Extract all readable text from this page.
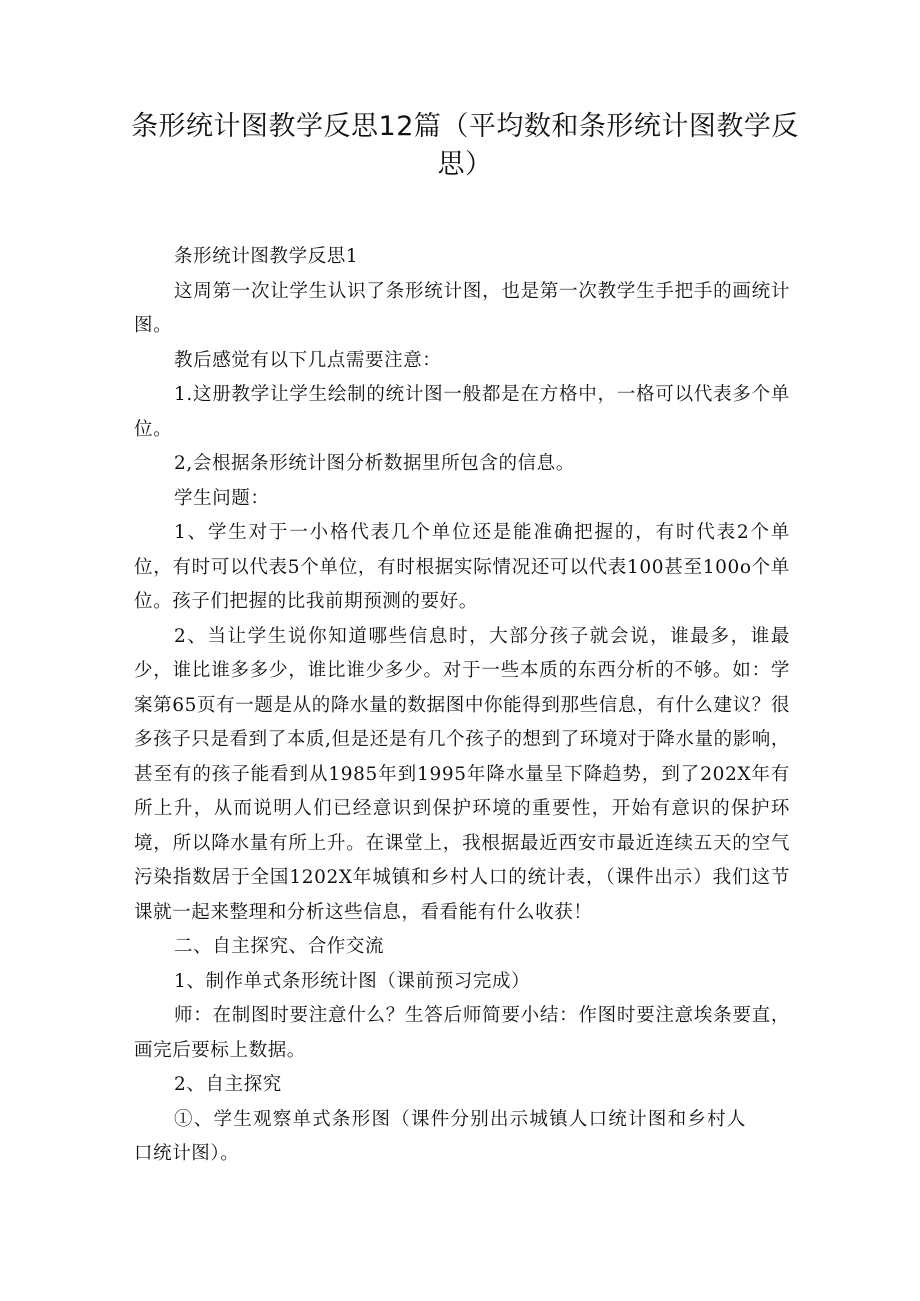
条形统计图教学反思12篇（平均数和条形统计图教学反思）

条形统计图教学反思1

这周第一次让学生认识了条形统计图，也是第一次教学生手把手的画统计图。

教后感觉有以下几点需要注意：

1.这册教学让学生绘制的统计图一般都是在方格中，一格可以代表多个单位。

2,会根据条形统计图分析数据里所包含的信息。

学生问题：

1、学生对于一小格代表几个单位还是能准确把握的，有时代表2个单位，有时可以代表5个单位，有时根据实际情况还可以代表100甚至100o个单位。孩子们把握的比我前期预测的要好。

2、当让学生说你知道哪些信息时，大部分孩子就会说，谁最多，谁最少，谁比谁多多少，谁比谁少多少。对于一些本质的东西分析的不够。如：学案第65页有一题是从的降水量的数据图中你能得到那些信息，有什么建议？很多孩子只是看到了本质,但是还是有几个孩子的想到了环境对于降水量的影响，甚至有的孩子能看到从1985年到1995年降水量呈下降趋势，到了202X年有所上升，从而说明人们已经意识到保护环境的重要性，开始有意识的保护环境，所以降水量有所上升。在课堂上，我根据最近西安市最近连续五天的空气污染指数居于全国1202X年城镇和乡村人口的统计表，（课件出示）我们这节课就一起来整理和分析这些信息，看看能有什么收获！

二、自主探究、合作交流

1、制作单式条形统计图（课前预习完成）

师：在制图时要注意什么？生答后师简要小结：作图时要注意埃条要直，画完后要标上数据。

2、自主探究

①、学生观察单式条形图（课件分别出示城镇人口统计图和乡村人口统计图）。
